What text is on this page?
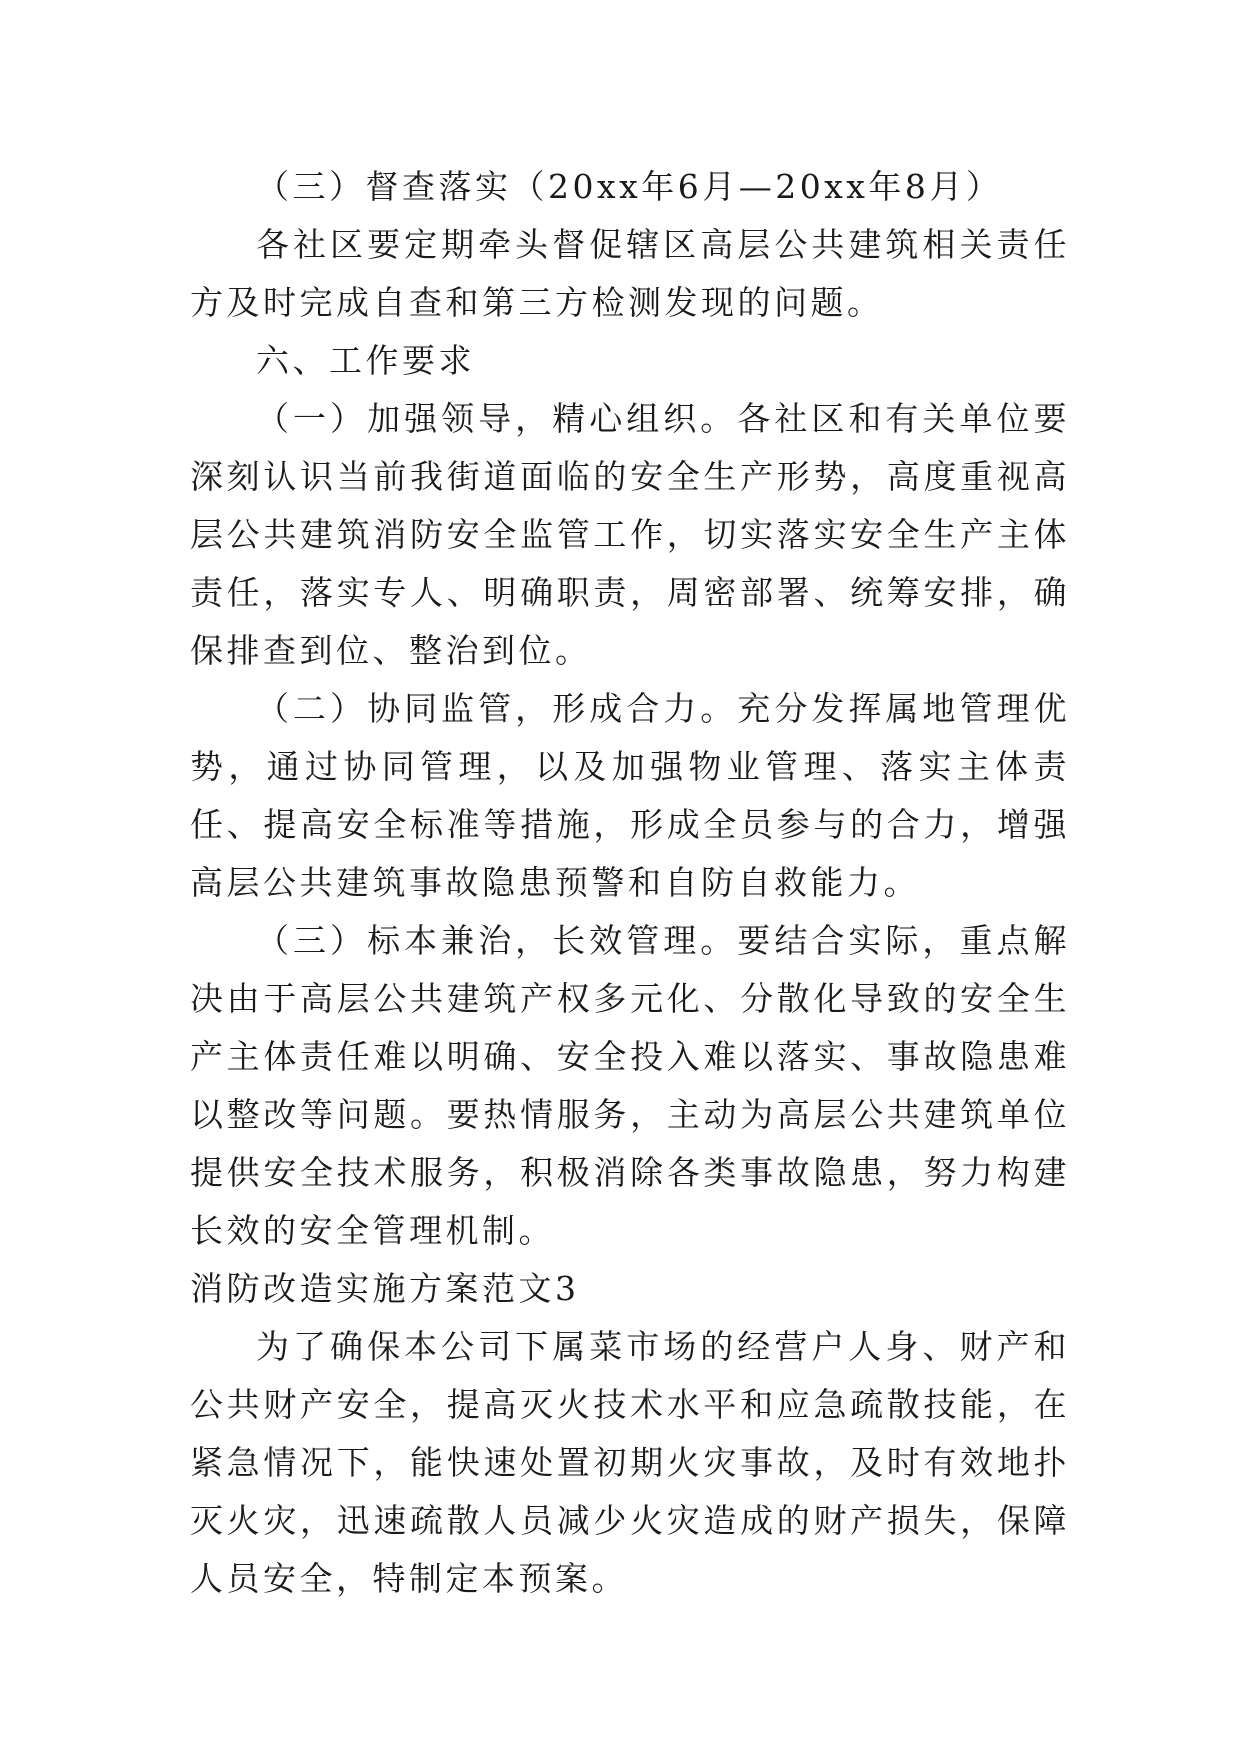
（三）督查落实（20xx年6月—20xx年8月）

各社区要定期牵头督促辖区高层公共建筑相关责任方及时完成自查和第三方检测发现的问题。

六、工作要求

（一）加强领导，精心组织。各社区和有关单位要深刻认识当前我街道面临的安全生产形势，高度重视高层公共建筑消防安全监管工作，切实落实安全生产主体责任，落实专人、明确职责，周密部署、统筹安排，确保排查到位、整治到位。

（二）协同监管，形成合力。充分发挥属地管理优势，通过协同管理，以及加强物业管理、落实主体责任、提高安全标准等措施，形成全员参与的合力，增强高层公共建筑事故隐患预警和自防自救能力。

（三）标本兼治，长效管理。要结合实际，重点解决由于高层公共建筑产权多元化、分散化导致的安全生产主体责任难以明确、安全投入难以落实、事故隐患难以整改等问题。要热情服务，主动为高层公共建筑单位提供安全技术服务，积极消除各类事故隐患，努力构建长效的安全管理机制。

消防改造实施方案范文3

为了确保本公司下属菜市场的经营户人身、财产和公共财产安全，提高灭火技术水平和应急疏散技能，在紧急情况下，能快速处置初期火灾事故，及时有效地扑灭火灾，迅速疏散人员减少火灾造成的财产损失，保障人员安全，特制定本预案。
